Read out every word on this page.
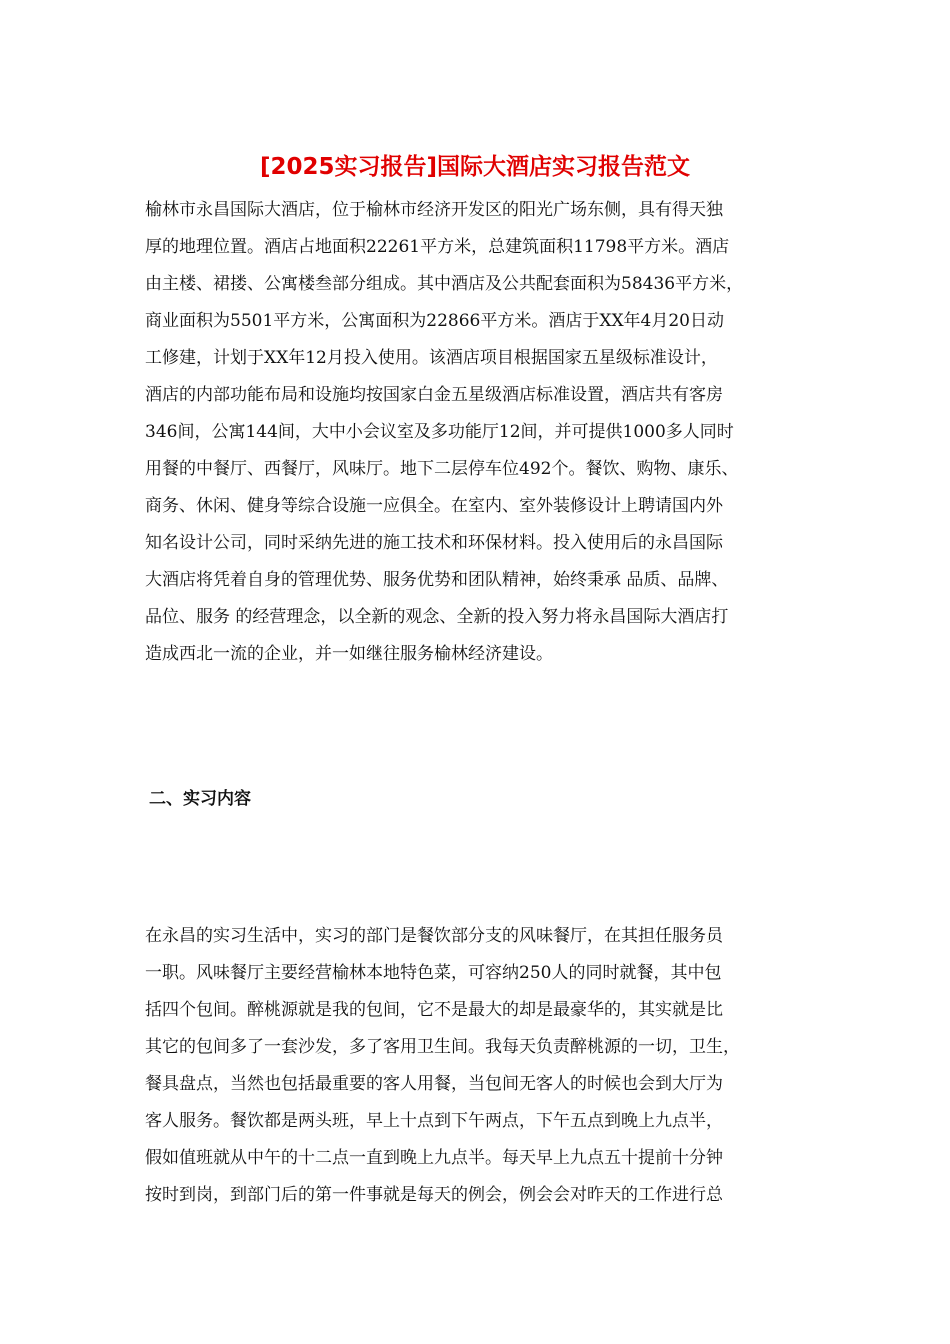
[2025实习报告]国际大酒店实习报告范文

榆林市永昌国际大酒店，位于榆林市经济开发区的阳光广场东侧，具有得天独

厚的地理位置。酒店占地面积22261平方米，总建筑面积11798平方米。酒店

由主楼、裙搂、公寓楼叁部分组成。其中酒店及公共配套面积为58436平方米，

商业面积为5501平方米，公寓面积为22866平方米。酒店于XX年4月20日动

工修建，计划于XX年12月投入使用。该酒店项目根据国家五星级标准设计，

酒店的内部功能布局和设施均按国家白金五星级酒店标准设置，酒店共有客房

346间，公寓144间，大中小会议室及多功能厅12间，并可提供1000多人同时

用餐的中餐厅、西餐厅，风味厅。地下二层停车位492个。餐饮、购物、康乐、

商务、休闲、健身等综合设施一应俱全。在室内、室外装修设计上聘请国内外

知名设计公司，同时采纳先进的施工技术和环保材料。投入使用后的永昌国际

大酒店将凭着自身的管理优势、服务优势和团队精神，始终秉承 品质、品牌、

品位、服务 的经营理念，以全新的观念、全新的投入努力将永昌国际大酒店打

造成西北一流的企业，并一如继往服务榆林经济建设。

二、实习内容

在永昌的实习生活中，实习的部门是餐饮部分支的风味餐厅，在其担任服务员

一职。风味餐厅主要经营榆林本地特色菜，可容纳250人的同时就餐，其中包

括四个包间。醉桃源就是我的包间，它不是最大的却是最豪华的，其实就是比

其它的包间多了一套沙发，多了客用卫生间。我每天负责醉桃源的一切，卫生，

餐具盘点，当然也包括最重要的客人用餐，当包间无客人的时候也会到大厅为

客人服务。餐饮都是两头班，早上十点到下午两点，下午五点到晚上九点半，

假如值班就从中午的十二点一直到晚上九点半。每天早上九点五十提前十分钟

按时到岗，到部门后的第一件事就是每天的例会，例会会对昨天的工作进行总
